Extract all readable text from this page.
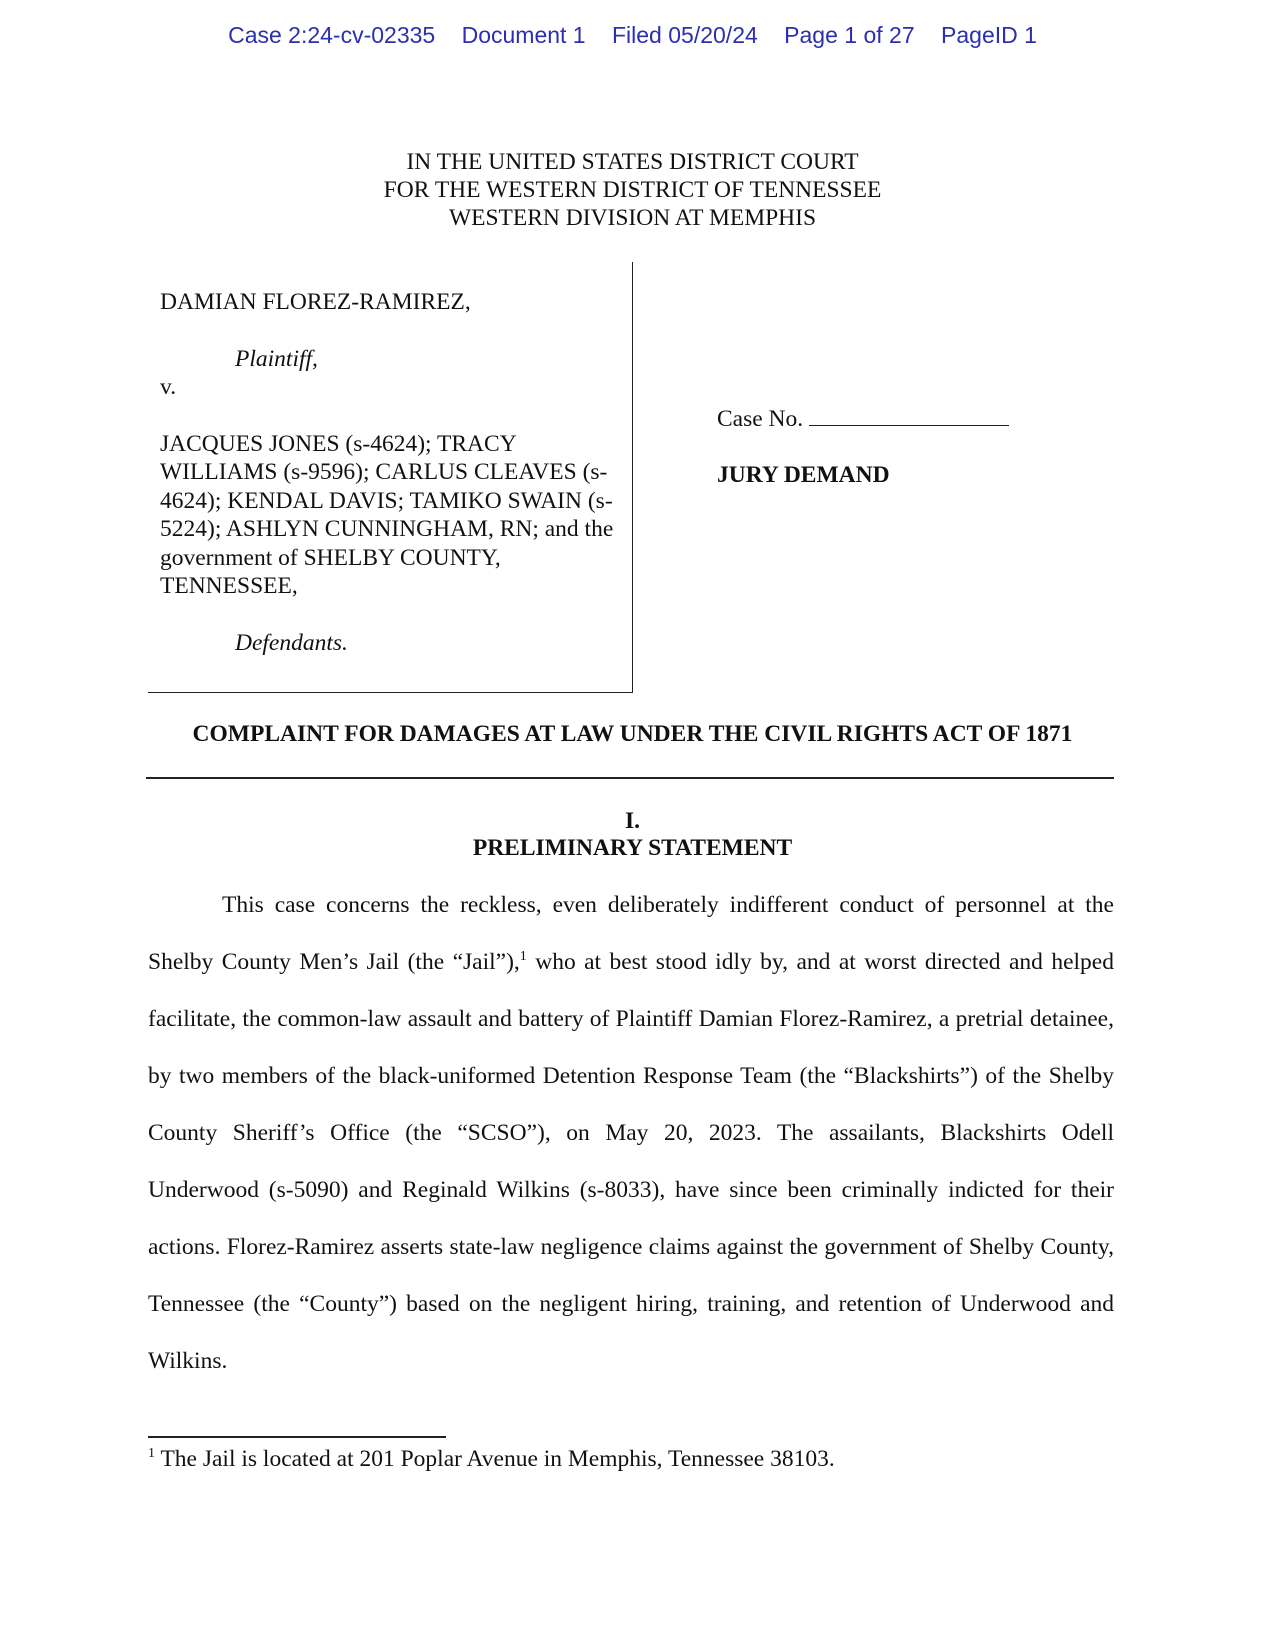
Case 2:24-cv-02335 Document 1 Filed 05/20/24 Page 1 of 27 PageID 1
IN THE UNITED STATES DISTRICT COURT
FOR THE WESTERN DISTRICT OF TENNESSEE
WESTERN DIVISION AT MEMPHIS
DAMIAN FLOREZ-RAMIREZ,
Plaintiff,
v.
JACQUES JONES (s-4624); TRACY WILLIAMS (s-9596); CARLUS CLEAVES (s-4624); KENDAL DAVIS; TAMIKO SWAIN (s-5224); ASHLYN CUNNINGHAM, RN; and the government of SHELBY COUNTY, TENNESSEE,
Defendants.
Case No.
JURY DEMAND
COMPLAINT FOR DAMAGES AT LAW UNDER THE CIVIL RIGHTS ACT OF 1871
I.
PRELIMINARY STATEMENT
This case concerns the reckless, even deliberately indifferent conduct of personnel at the Shelby County Men’s Jail (the “Jail”),$^1$ who at best stood idly by, and at worst directed and helped facilitate, the common-law assault and battery of Plaintiff Damian Florez-Ramirez, a pretrial detainee, by two members of the black-uniformed Detention Response Team (the “Blackshirts”) of the Shelby County Sheriff’s Office (the “SCSO”), on May 20, 2023. The assailants, Blackshirts Odell Underwood (s-5090) and Reginald Wilkins (s-8033), have since been criminally indicted for their actions. Florez-Ramirez asserts state-law negligence claims against the government of Shelby County, Tennessee (the “County”) based on the negligent hiring, training, and retention of Underwood and Wilkins.
$^1$ The Jail is located at 201 Poplar Avenue in Memphis, Tennessee 38103.
